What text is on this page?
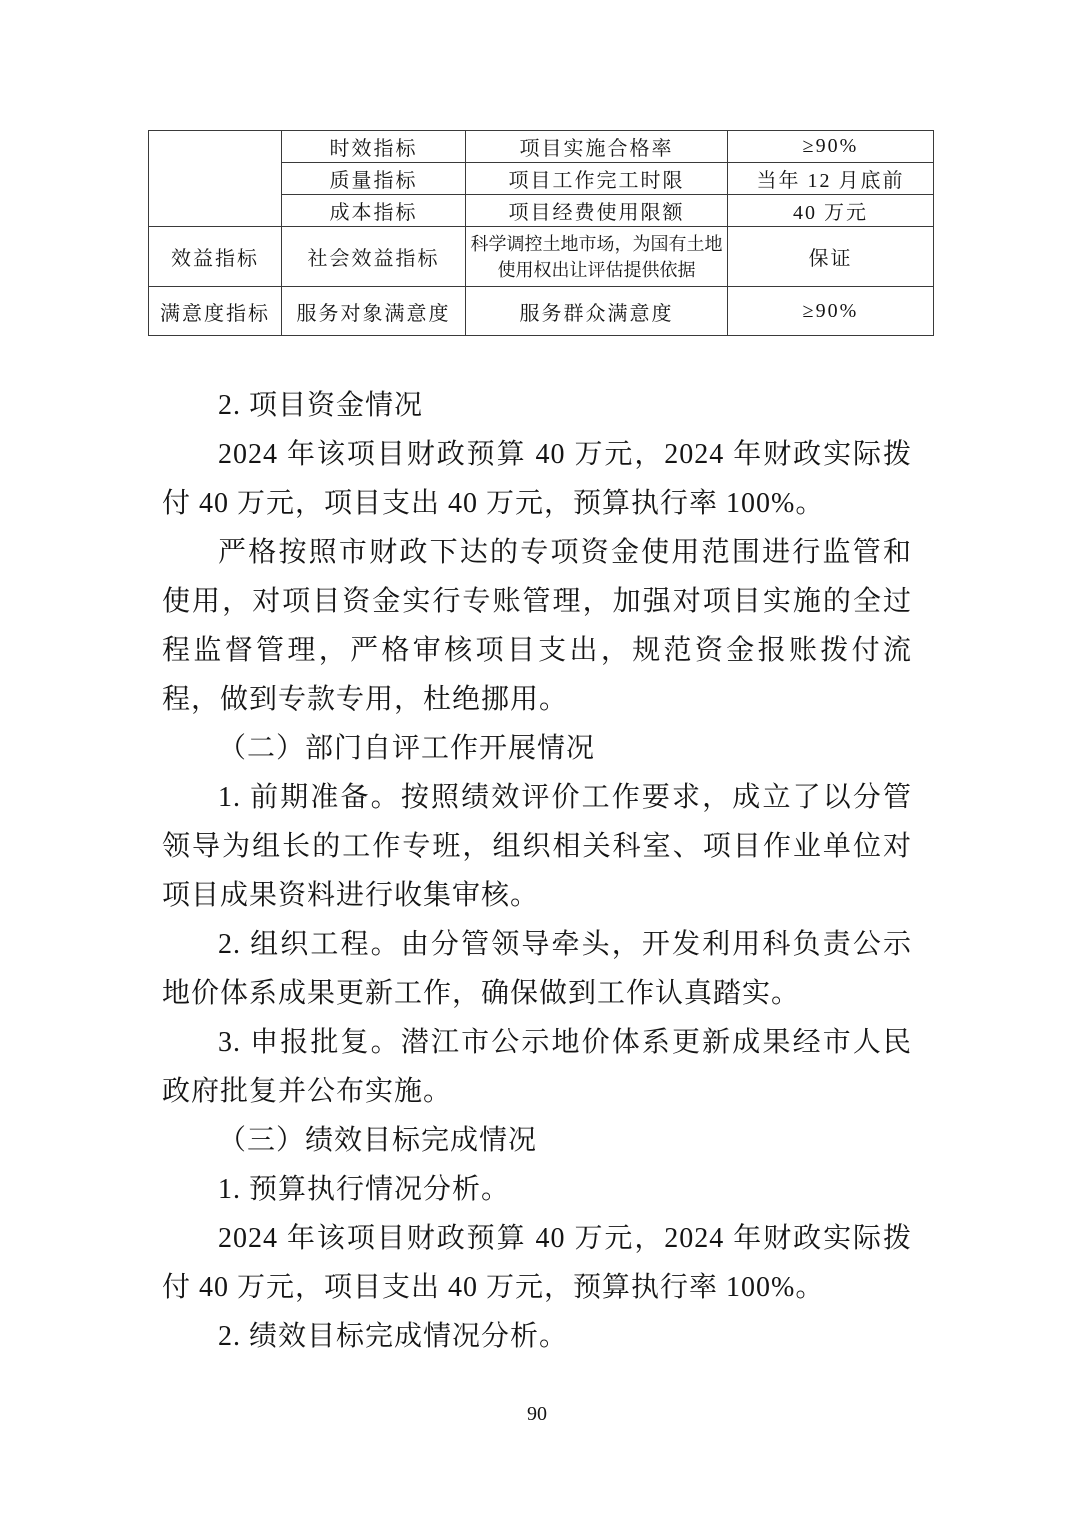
	时效指标	项目实施合格率	≥90%
	质量指标	项目工作完工时限	当年 12 月底前
	成本指标	项目经费使用限额	40 万元
效益指标	社会效益指标	科学调控土地市场，为国有土地使用权出让评估提供依据	保证
满意度指标	服务对象满意度	服务群众满意度	≥90%

2. 项目资金情况

2024 年该项目财政预算 40 万元，2024 年财政实际拨付 40 万元，项目支出 40 万元，预算执行率 100%。

严格按照市财政下达的专项资金使用范围进行监管和使用，对项目资金实行专账管理，加强对项目实施的全过程监督管理，严格审核项目支出，规范资金报账拨付流程，做到专款专用，杜绝挪用。

（二）部门自评工作开展情况

1. 前期准备。按照绩效评价工作要求，成立了以分管领导为组长的工作专班，组织相关科室、项目作业单位对项目成果资料进行收集审核。

2. 组织工程。由分管领导牵头，开发利用科负责公示地价体系成果更新工作，确保做到工作认真踏实。

3. 申报批复。潜江市公示地价体系更新成果经市人民政府批复并公布实施。

（三）绩效目标完成情况

1. 预算执行情况分析。

2024 年该项目财政预算 40 万元，2024 年财政实际拨付 40 万元，项目支出 40 万元，预算执行率 100%。

2. 绩效目标完成情况分析。

90
